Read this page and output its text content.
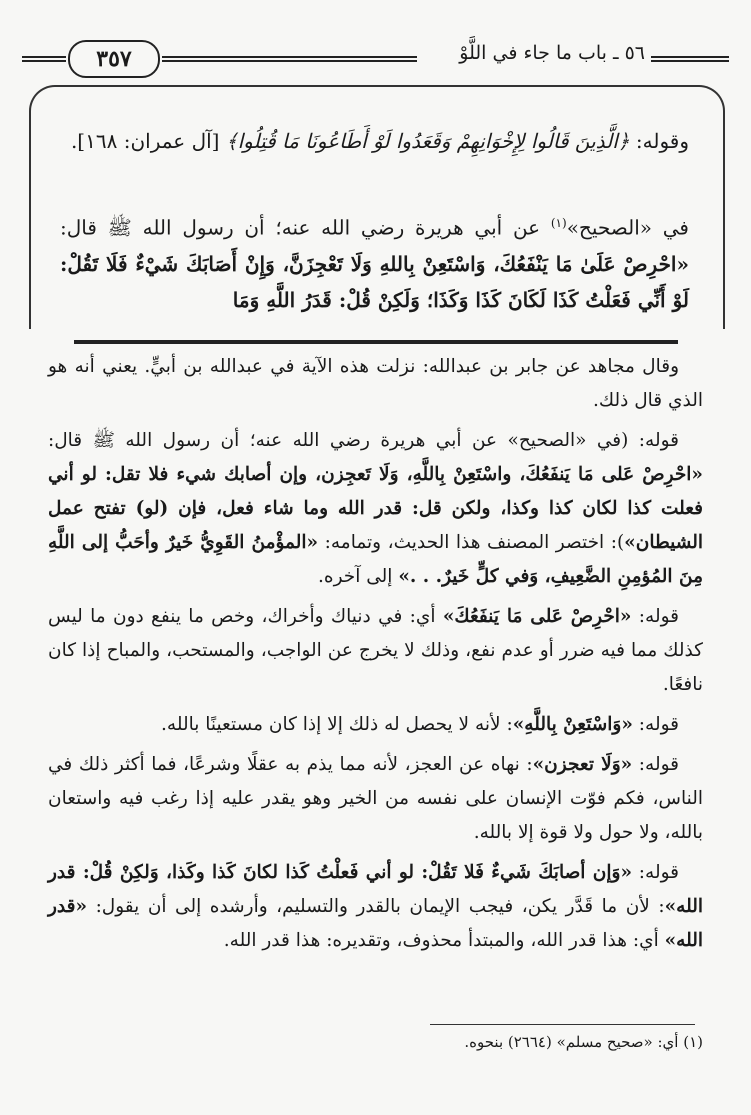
٣٥٧	٥٦ ـ باب ما جاء في اللَّوْ
وقوله: ﴿الَّذِينَ قَالُوا لِإِخْوَانِهِمْ وَقَعَدُوا لَوْ أَطَاعُونَا مَا قُتِلُوا﴾ [آل عمران: ١٦٨].
في «الصحيح»$^{(١)}$ عن أبي هريرة رضي الله عنه؛ أن رسول الله ﷺ قال: «احْرِصْ عَلَىٰ مَا يَنْفَعُكَ، وَاسْتَعِنْ بِاللهِ وَلَا تَعْجِزَنَّ، وَإِنْ أَصَابَكَ شَيْءٌ فَلَا تَقُلْ: لَوْ أَنِّي فَعَلْتُ كَذَا لَكَانَ كَذَا وَكَذَا؛ وَلَكِنْ قُلْ: قَدَرُ اللَّهِ وَمَا

وقال مجاهد عن جابر بن عبدالله: نزلت هذه الآية في عبدالله بن أبيٍّ. يعني أنه هو الذي قال ذلك.

قوله: (في «الصحيح» عن أبي هريرة رضي الله عنه؛ أن رسول الله ﷺ قال: «احْرِصْ عَلى مَا يَنفَعُكَ، واسْتَعِنْ بِاللَّهِ، وَلَا تَعجِزن، وإن أصابك شيء فلا تقل: لو أني فعلت كذا لكان كذا وكذا، ولكن قل: قدر الله وما شاء فعل، فإن (لو) تفتح عمل الشيطان»): اختصر المصنف هذا الحديث، وتمامه: «المؤْمنُ القَوِيُّ خَيرٌ وأحَبُّ إلى اللَّهِ مِنَ المُؤمِنِ الضَّعِيفِ، وَفي كلٍّ خَيرٌ. . .» إلى آخره.

قوله: «احْرِصْ عَلى مَا يَنفَعُكَ» أي: في دنياك وأخراك، وخص ما ينفع دون ما ليس كذلك مما فيه ضرر أو عدم نفع، وذلك لا يخرج عن الواجب، والمستحب، والمباح إذا كان نافعًا.

قوله: «وَاسْتَعِنْ بِاللَّهِ»: لأنه لا يحصل له ذلك إلا إذا كان مستعينًا بالله.

قوله: «وَلَا تعجزن»: نهاه عن العجز، لأنه مما يذم به عقلًا وشرعًا، فما أكثر ذلك في الناس، فكم فوّت الإنسان على نفسه من الخير وهو يقدر عليه إذا رغب فيه واستعان بالله، ولا حول ولا قوة إلا بالله.

قوله: «وَإن أصابَكَ شَيءٌ فَلا تَقُلْ: لو أني فَعلْتُ كَذا لكانَ كَذا وكَذا، وَلكِنْ قُلْ: قدر الله»: لأن ما قَدَّر يكن، فيجب الإيمان بالقدر والتسليم، وأرشده إلى أن يقول: «قدر الله» أي: هذا قدر الله، والمبتدأ محذوف، وتقديره: هذا قدر الله.

(١) أي: «صحيح مسلم» (٢٦٦٤) بنحوه.
